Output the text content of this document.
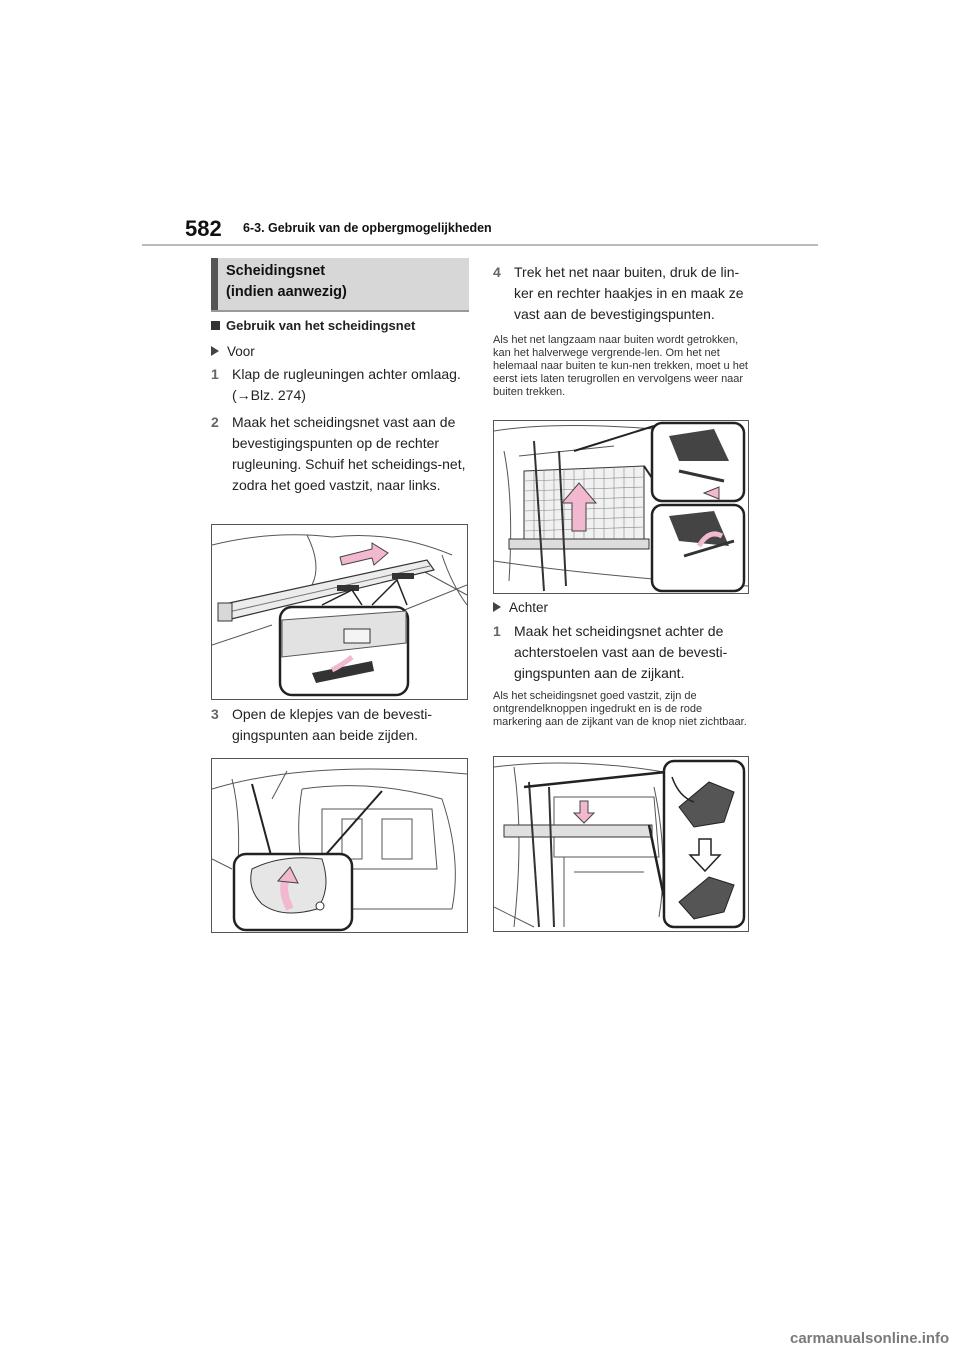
582 6-3. Gebruik van de opbergmogelijkheden
Scheidingsnet
(indien aanwezig)
Gebruik van het scheidingsnet
Voor
1 Klap de rugleuningen achter omlaag. (→Blz. 274)
2 Maak het scheidingsnet vast aan de bevestigingspunten op de rechter rugleuning. Schuif het scheidings-net, zodra het goed vastzit, naar links.
3 Open de klepjes van de bevesti-gingspunten aan beide zijden.
4 Trek het net naar buiten, druk de lin-ker en rechter haakjes in en maak ze vast aan de bevestigingspunten.
Als het net langzaam naar buiten wordt getrokken, kan het halverwege vergrende-len. Om het net helemaal naar buiten te kun-nen trekken, moet u het eerst iets laten terugrollen en vervolgens weer naar buiten trekken.
Achter
1 Maak het scheidingsnet achter de achterstoelen vast aan de bevesti-gingspunten aan de zijkant.
Als het scheidingsnet goed vastzit, zijn de ontgrendelknoppen ingedrukt en is de rode markering aan de zijkant van de knop niet zichtbaar.
carmanualsonline.info
